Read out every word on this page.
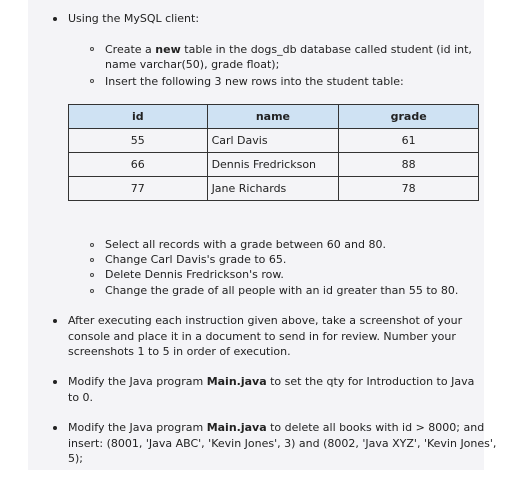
Using the MySQL client:
Create a new table in the dogs_db database called student (id int,
name varchar(50), grade float);
Insert the following 3 new rows into the student table:
id	name	grade
55	Carl Davis	61
66	Dennis Fredrickson	88
77	Jane Richards	78
Select all records with a grade between 60 and 80.
Change Carl Davis's grade to 65.
Delete Dennis Fredrickson's row.
Change the grade of all people with an id greater than 55 to 80.
After executing each instruction given above, take a screenshot of your
console and place it in a document to send in for review. Number your
screenshots 1 to 5 in order of execution.
Modify the Java program Main.java to set the qty for Introduction to Java
to 0.
Modify the Java program Main.java to delete all books with id > 8000; and
insert: (8001, 'Java ABC', 'Kevin Jones', 3) and (8002, 'Java XYZ', 'Kevin Jones',
5);
